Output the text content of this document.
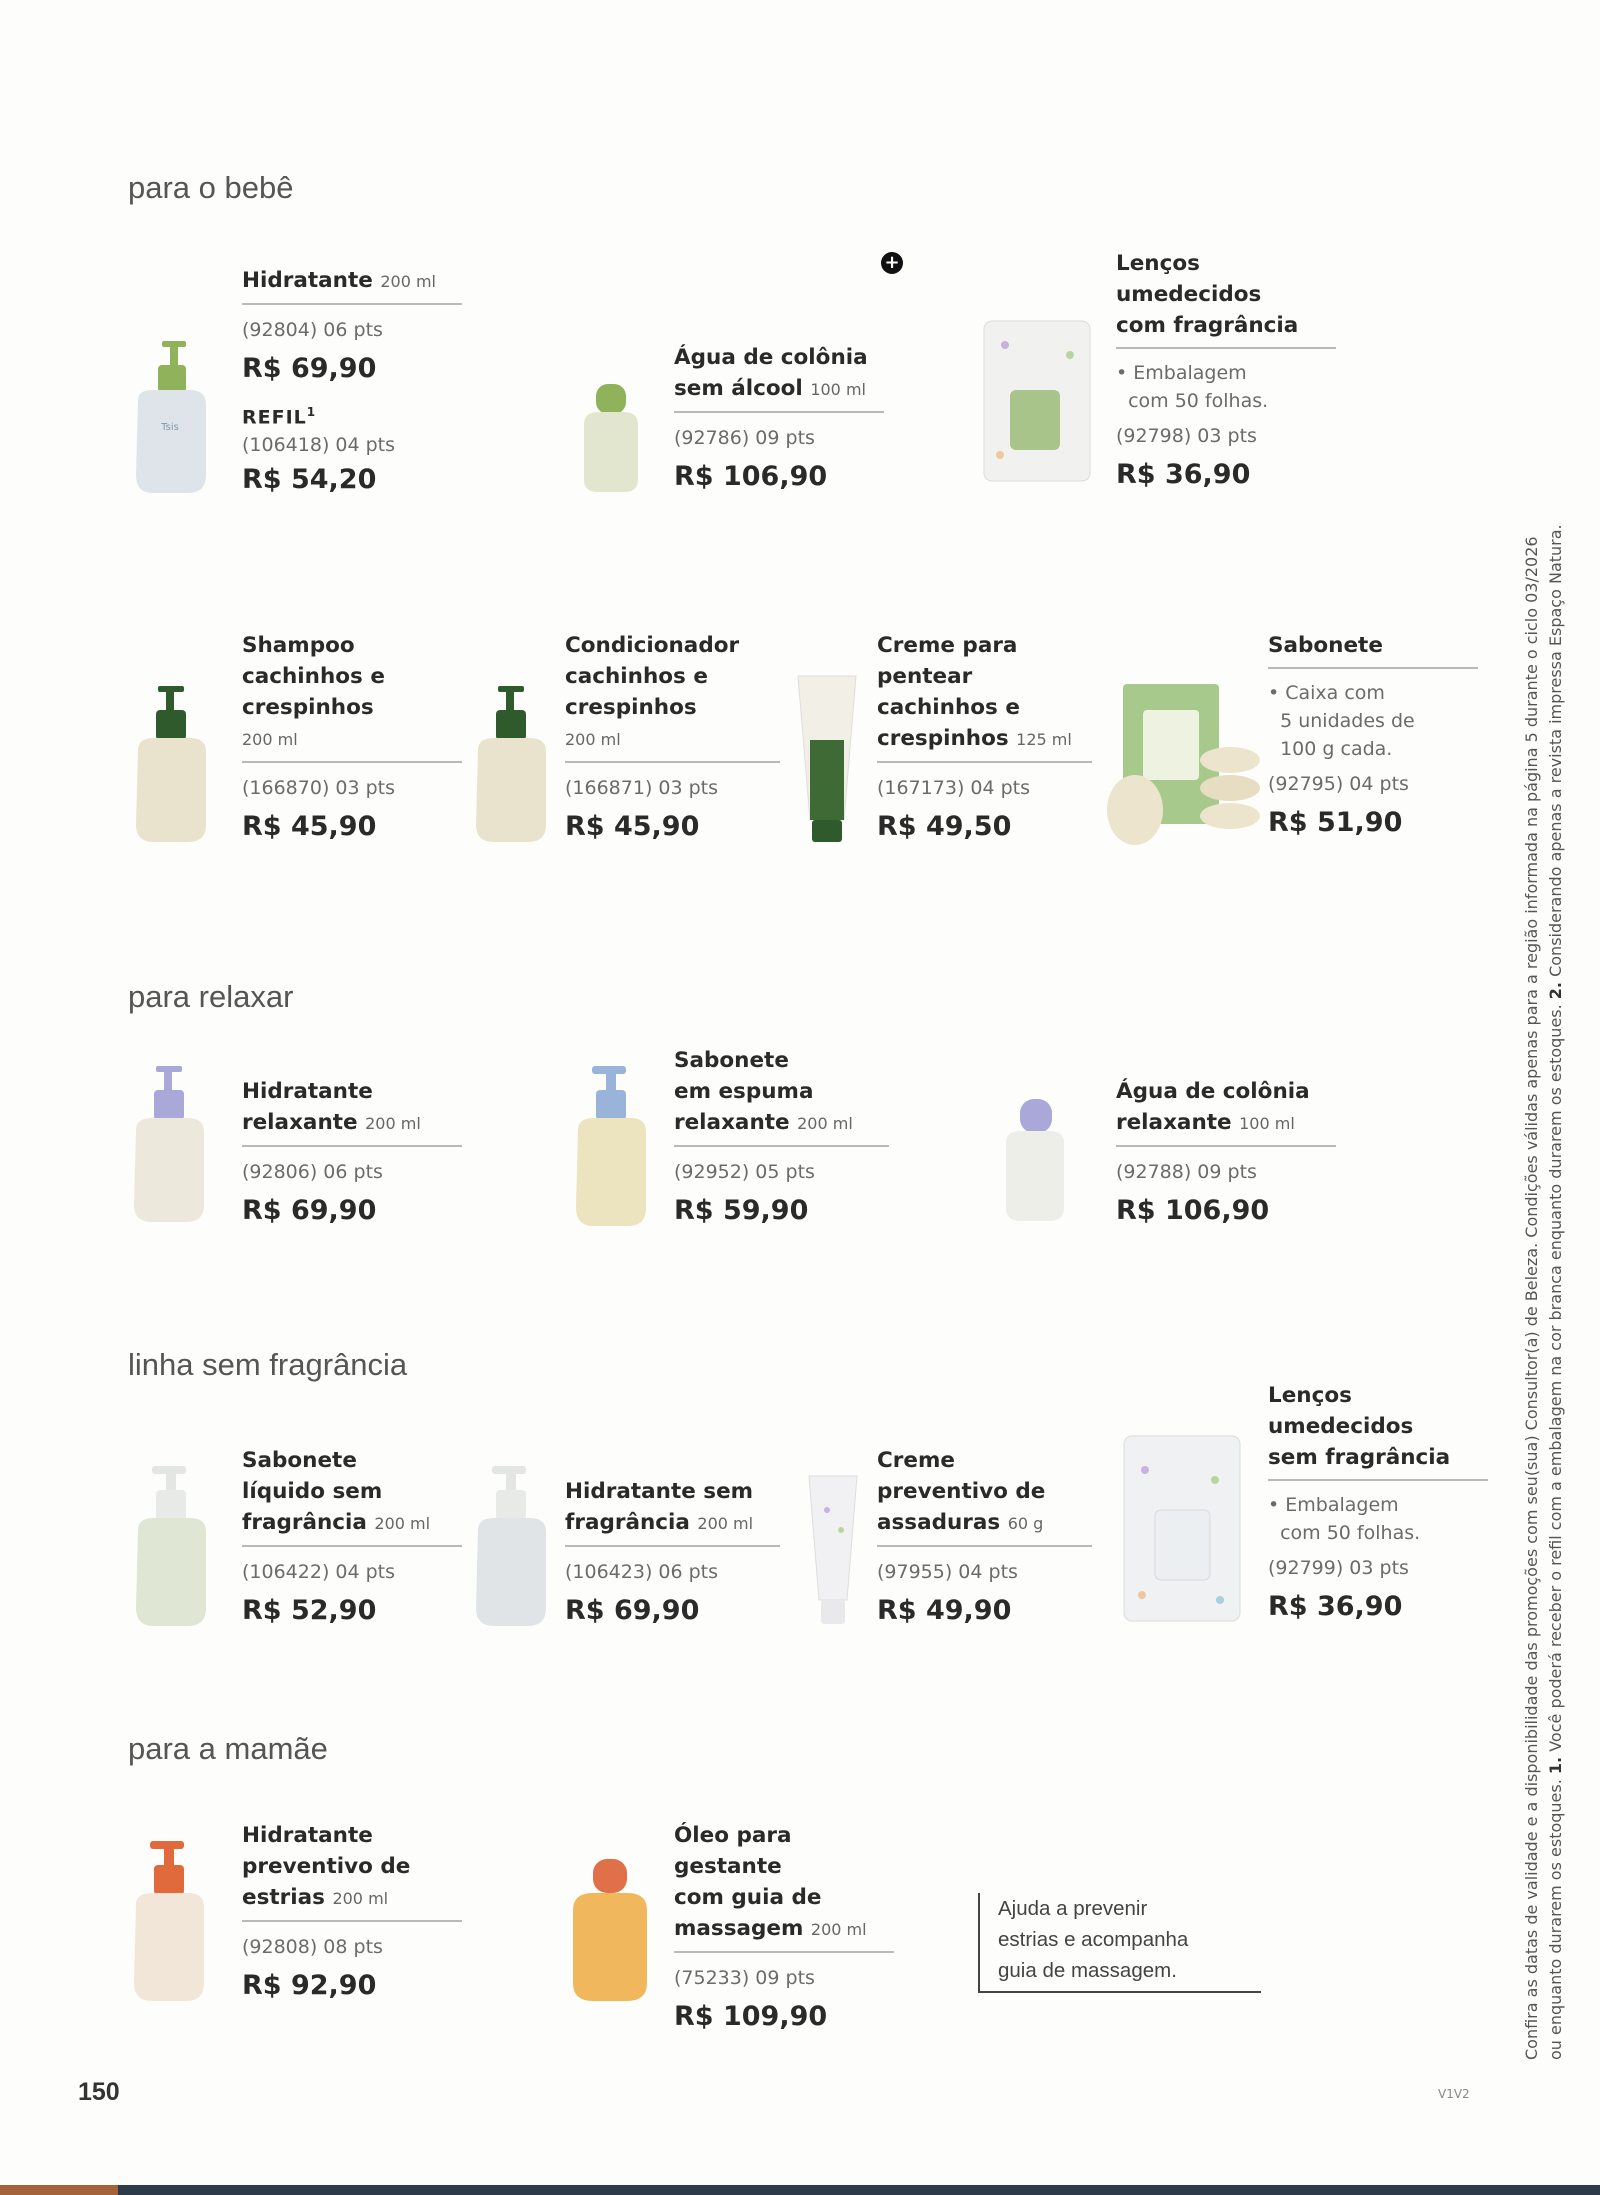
para o bebê
para relaxar
linha sem fragrância
para a mamãe
+
Tsis
Hidratante 200 ml
(92804) 06 pts
R$ 69,90
REFIL$^1$
(106418) 04 pts
R$ 54,20
Água de colônia
sem álcool 100 ml
(92786) 09 pts
R$ 106,90
Lenços
umedecidos
com fragrância
• Embalagem
com 50 folhas.
(92798) 03 pts
R$ 36,90
Shampoo
cachinhos e
crespinhos
200 ml
(166870) 03 pts
R$ 45,90
Condicionador
cachinhos e
crespinhos
200 ml
(166871) 03 pts
R$ 45,90
Creme para
pentear
cachinhos e
crespinhos 125 ml
(167173) 04 pts
R$ 49,50
Sabonete
• Caixa com
5 unidades de
100 g cada.
(92795) 04 pts
R$ 51,90
Hidratante
relaxante 200 ml
(92806) 06 pts
R$ 69,90
Sabonete
em espuma
relaxante 200 ml
(92952) 05 pts
R$ 59,90
Água de colônia
relaxante 100 ml
(92788) 09 pts
R$ 106,90
Sabonete
líquido sem
fragrância 200 ml
(106422) 04 pts
R$ 52,90
Hidratante sem
fragrância 200 ml
(106423) 06 pts
R$ 69,90
Creme
preventivo de
assaduras 60 g
(97955) 04 pts
R$ 49,90
Lenços
umedecidos
sem fragrância
• Embalagem
com 50 folhas.
(92799) 03 pts
R$ 36,90
Hidratante
preventivo de
estrias 200 ml
(92808) 08 pts
R$ 92,90
Óleo para gestante
com guia de
massagem 200 ml
(75233) 09 pts
R$ 109,90
Ajuda a prevenir
estrias e acompanha
guia de massagem.
150	V1V2
Confira as datas de validade e a disponibilidade das promoções com seu(sua) Consultor(a) de Beleza. Condições válidas apenas para a região informada na página 5 durante o ciclo 03/2026 ou enquanto durarem os estoques. 1. Você poderá receber o refil com a embalagem na cor branca enquanto durarem os estoques. 2. Considerando apenas a revista impressa Espaço Natura.
